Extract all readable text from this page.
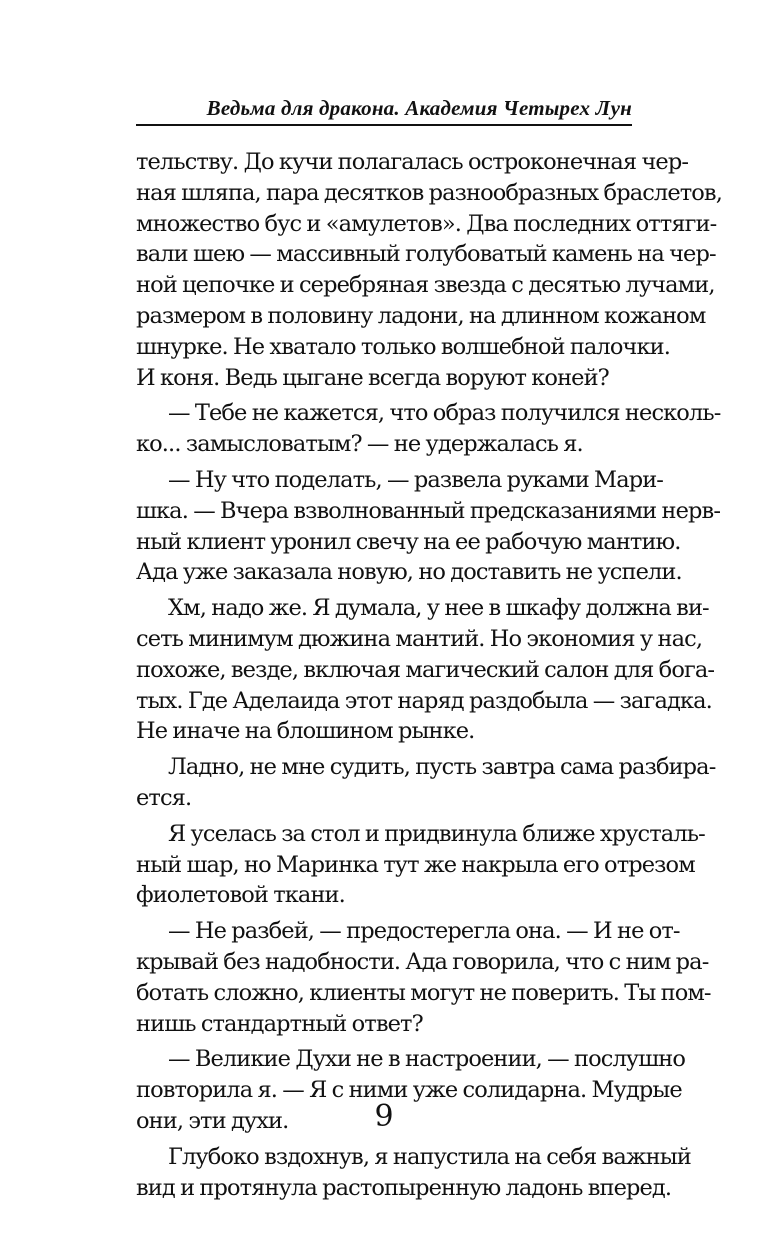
Ведьма для дракона. Академия Четырех Лун
тельству. До кучи полагалась остроконечная чер-
ная шляпа, пара десятков разнообразных браслетов,
множество бус и «амулетов». Два последних оттяги-
вали шею — массивный голубоватый камень на чер-
ной цепочке и серебряная звезда с десятью лучами,
размером в половину ладони, на длинном кожаном
шнурке. Не хватало только волшебной палочки.
И коня. Ведь цыгане всегда воруют коней?
— Тебе не кажется, что образ получился несколь-
ко... замысловатым? — не удержалась я.
— Ну что поделать, — развела руками Мари-
шка. — Вчера взволнованный предсказаниями нерв-
ный клиент уронил свечу на ее рабочую мантию.
Ада уже заказала новую, но доставить не успели.
Хм, надо же. Я думала, у нее в шкафу должна ви-
сеть минимум дюжина мантий. Но экономия у нас,
похоже, везде, включая магический салон для бога-
тых. Где Аделаида этот наряд раздобыла — загадка.
Не иначе на блошином рынке.
Ладно, не мне судить, пусть завтра сама разбира-
ется.
Я уселась за стол и придвинула ближе хрусталь-
ный шар, но Маринка тут же накрыла его отрезом
фиолетовой ткани.
— Не разбей, — предостерегла она. — И не от-
крывай без надобности. Ада говорила, что с ним ра-
ботать сложно, клиенты могут не поверить. Ты пом-
нишь стандартный ответ?
— Великие Духи не в настроении, — послушно
повторила я. — Я с ними уже солидарна. Мудрые
они, эти духи.
Глубоко вздохнув, я напустила на себя важный
вид и протянула растопыренную ладонь вперед.
9
